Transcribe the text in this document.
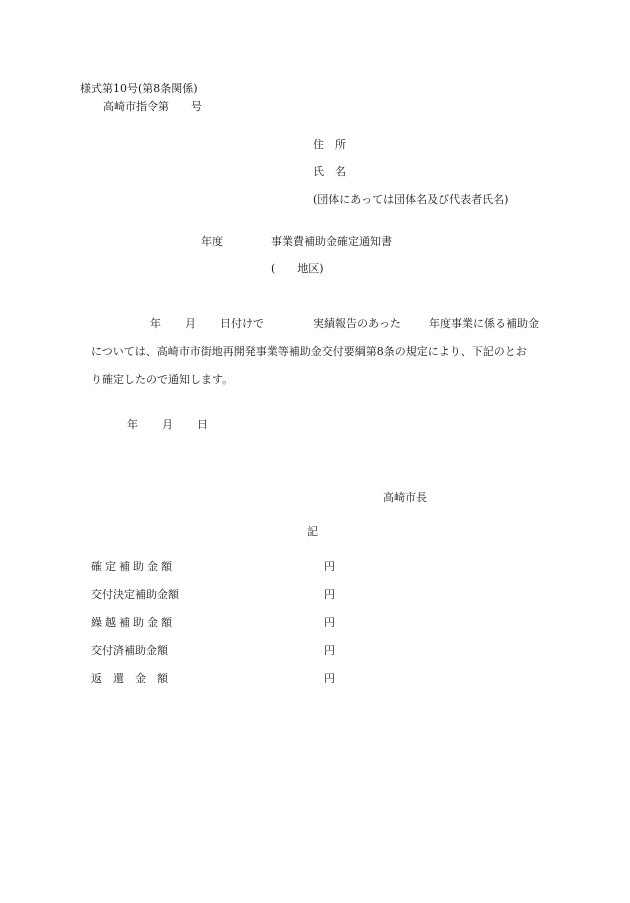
様式第10号(第8条関係)
高崎市指令第　　号
住　所
氏　名
(団体にあっては団体名及び代表者氏名)
年度	事業費補助金確定通知書
(　　地区)
年 月 日付けで	実績報告のあった	年度事業に係る補助金
については、高崎市市街地再開発事業等補助金交付要綱第8条の規定により、下記のとお
り確定したので通知します。
年 月 日
高崎市長
記
確定補助金額	円
交付決定補助金額	円
繰越補助金額	円
交付済補助金額	円
返　還　金　額	円
